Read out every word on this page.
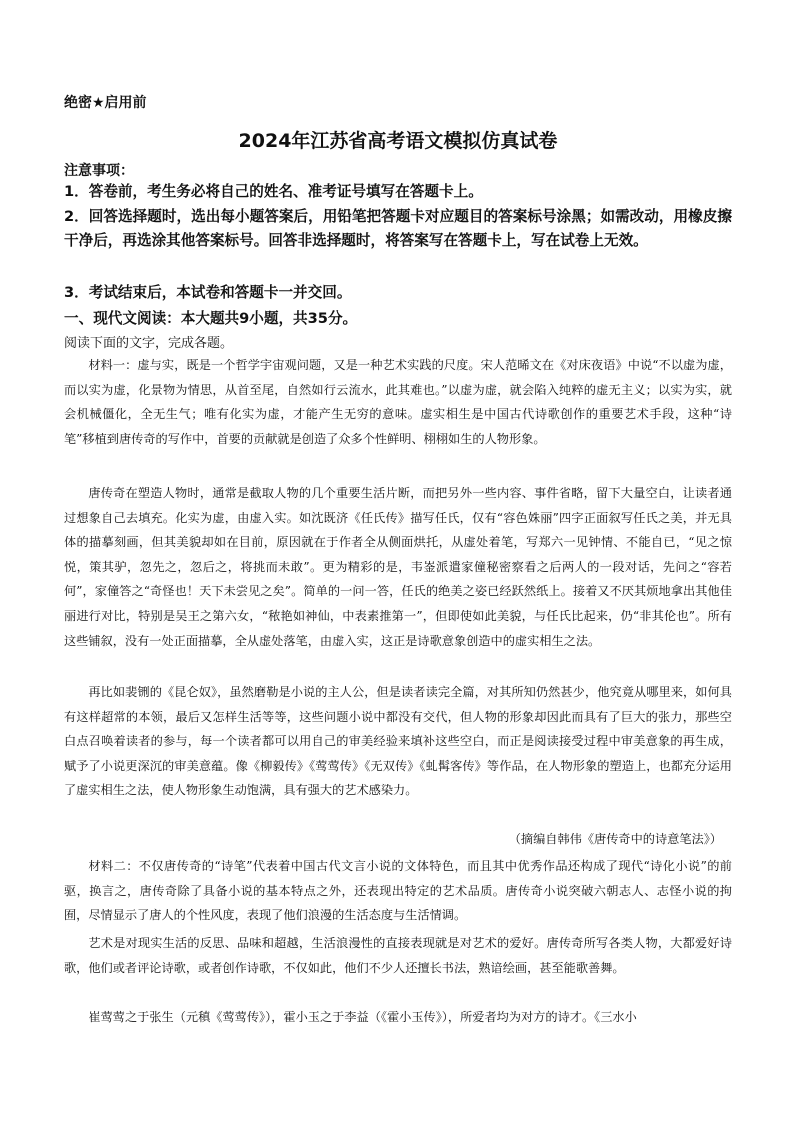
绝密★启用前
2024年江苏省高考语文模拟仿真试卷
注意事项：
1．答卷前，考生务必将自己的姓名、准考证号填写在答题卡上。
2．回答选择题时，选出每小题答案后，用铅笔把答题卡对应题目的答案标号涂黑；如需改动，用橡皮擦干净后，再选涂其他答案标号。回答非选择题时，将答案写在答题卡上，写在试卷上无效。
3．考试结束后，本试卷和答题卡一并交回。
一、现代文阅读：本大题共9小题，共35分。
阅读下面的文字，完成各题。
材料一：虚与实，既是一个哲学宇宙观问题，又是一种艺术实践的尺度。宋人范晞文在《对床夜语》中说“不以虚为虚，而以实为虚，化景物为情思，从首至尾，自然如行云流水，此其难也。”以虚为虚，就会陷入纯粹的虚无主义；以实为实，就会机械僵化，全无生气；唯有化实为虚，才能产生无穷的意味。虚实相生是中国古代诗歌创作的重要艺术手段，这种“诗笔”移植到唐传奇的写作中，首要的贡献就是创造了众多个性鲜明、栩栩如生的人物形象。
唐传奇在塑造人物时，通常是截取人物的几个重要生活片断，而把另外一些内容、事件省略，留下大量空白，让读者通过想象自己去填充。化实为虚，由虚入实。如沈既济《任氏传》描写任氏，仅有“容色姝丽”四字正面叙写任氏之美，并无具体的描摹刻画，但其美貌却如在目前，原因就在于作者全从侧面烘托，从虚处着笔，写郑六一见钟情、不能自已，“见之惊悦，策其驴，忽先之，忽后之，将挑而未敢”。更为精彩的是，韦崟派遣家僮秘密察看之后两人的一段对话，先问之“容若何”，家僮答之“奇怪也！天下未尝见之矣”。简单的一问一答，任氏的绝美之姿已经跃然纸上。接着又不厌其烦地拿出其他佳丽进行对比，特别是吴王之第六女，“秾艳如神仙，中表素推第一”，但即使如此美貌，与任氏比起来，仍“非其伦也”。所有这些铺叙，没有一处正面描摹，全从虚处落笔，由虚入实，这正是诗歌意象创造中的虚实相生之法。
再比如裴铏的《昆仑奴》，虽然磨勒是小说的主人公，但是读者读完全篇，对其所知仍然甚少，他究竟从哪里来，如何具有这样超常的本领，最后又怎样生活等等，这些问题小说中都没有交代，但人物的形象却因此而具有了巨大的张力，那些空白点召唤着读者的参与，每一个读者都可以用自己的审美经验来填补这些空白，而正是阅读接受过程中审美意象的再生成，赋予了小说更深沉的审美意蕴。像《柳毅传》《莺莺传》《无双传》《虬髯客传》等作品，在人物形象的塑造上，也都充分运用了虚实相生之法，使人物形象生动饱满，具有强大的艺术感染力。
（摘编自韩伟《唐传奇中的诗意笔法》）
材料二：不仅唐传奇的“诗笔”代表着中国古代文言小说的文体特色，而且其中优秀作品还构成了现代“诗化小说”的前驱，换言之，唐传奇除了具备小说的基本特点之外，还表现出特定的艺术品质。唐传奇小说突破六朝志人、志怪小说的拘囿，尽情显示了唐人的个性风度，表现了他们浪漫的生活态度与生活情调。
艺术是对现实生活的反思、品味和超越，生活浪漫性的直接表现就是对艺术的爱好。唐传奇所写各类人物，大都爱好诗歌，他们或者评论诗歌，或者创作诗歌，不仅如此，他们不少人还擅长书法，熟谙绘画，甚至能歌善舞。
崔莺莺之于张生（元稹《莺莺传》），霍小玉之于李益（《霍小玉传》），所爱者均为对方的诗才。《三水小
